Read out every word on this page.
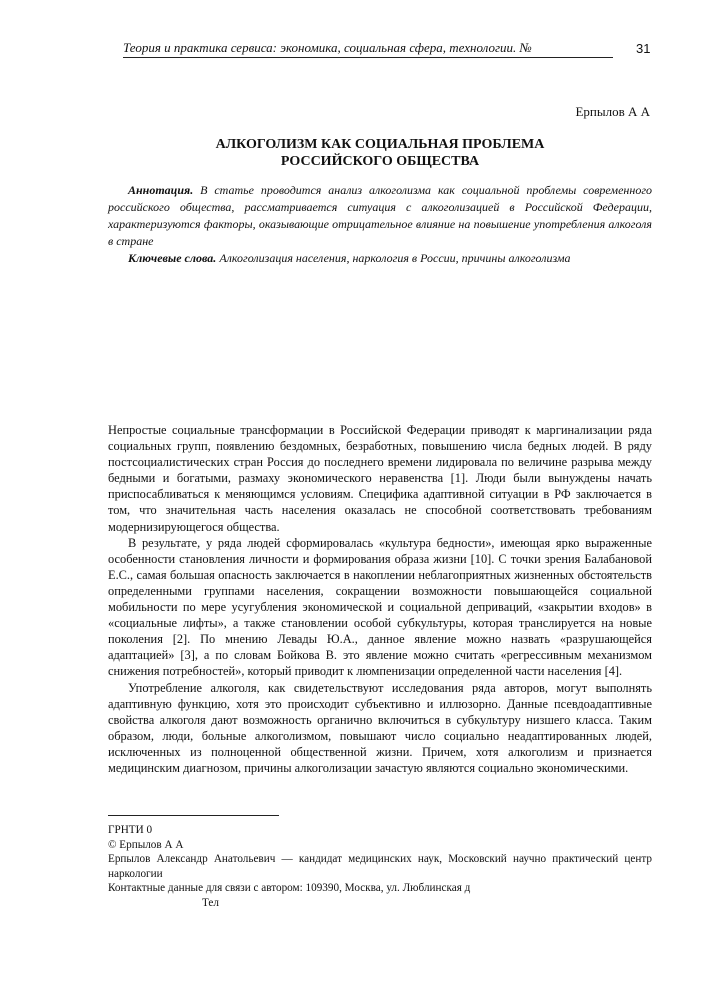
Теория и практика сервиса: экономика, социальная сфера, технологии. №	31
Ерпылов А А
АЛКОГОЛИЗМ КАК СОЦИАЛЬНАЯ ПРОБЛЕМА
РОССИЙСКОГО ОБЩЕСТВА

Аннотация. В статье проводится анализ алкоголизма как социальной проблемы современного российского общества, рассматривается ситуация с алкоголизацией в Российской Федерации, характеризуются факторы, оказывающие отрицательное влияние на повышение употребления алкоголя в стране

Ключевые слова. Алкоголизация населения, наркология в России, причины алкоголизма

Непростые социальные трансформации в Российской Федерации приводят к маргинализации ряда социальных групп, появлению бездомных, безработных, повышению числа бедных людей. В ряду постсоциалистических стран Россия до последнего времени лидировала по величине разрыва между бедными и богатыми, размаху экономического неравенства [1]. Люди были вынуждены начать приспосабливаться к меняющимся условиям. Специфика адаптивной ситуации в РФ заключается в том, что значительная часть населения оказалась не способной соответствовать требованиям модернизирующегося общества.

В результате, у ряда людей сформировалась «культура бедности», имеющая ярко выраженные особенности становления личности и формирования образа жизни [10]. С точки зрения Балабановой Е.С., самая большая опасность заключается в накоплении неблагоприятных жизненных обстоятельств определенными группами населения, сокращении возможности повышающейся социальной мобильности по мере усугубления экономической и социальной деприваций, «закрытии входов» в «социальные лифты», а также становлении особой субкультуры, которая транслируется на новые поколения [2]. По мнению Левады Ю.А., данное явление можно назвать «разрушающейся адаптацией» [3], а по словам Бойкова В. это явление можно считать «регрессивным механизмом снижения потребностей», который приводит к люмпенизации определенной части населения [4].

Употребление алкоголя, как свидетельствуют исследования ряда авторов, могут выполнять адаптивную функцию, хотя это происходит субъективно и иллюзорно. Данные псевдоадаптивные свойства алкоголя дают возможность органично включиться в субкультуру низшего класса. Таким образом, люди, больные алкоголизмом, повышают число социально неадаптированных людей, исключенных из полноценной общественной жизни. Причем, хотя алкоголизм и признается медицинским диагнозом, причины алкоголизации зачастую являются социально экономическими.

ГРНТИ 0
© Ерпылов А А
Ерпылов Александр Анатольевич — кандидат медицинских наук, Московский научно практический центр наркологии
Контактные данные для связи с автором: 109390, Москва, ул. Люблинская д
Тел
